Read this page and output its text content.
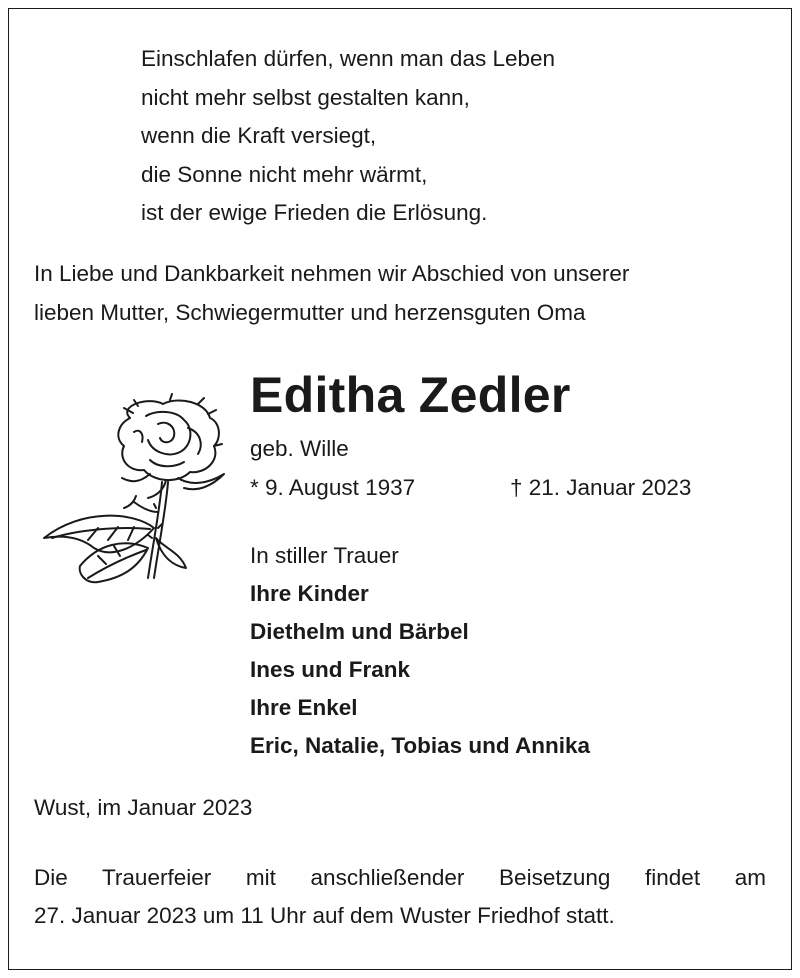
Einschlafen dürfen, wenn man das Leben
nicht mehr selbst gestalten kann,
wenn die Kraft versiegt,
die Sonne nicht mehr wärmt,
ist der ewige Frieden die Erlösung.
In Liebe und Dankbarkeit nehmen wir Abschied von unserer
lieben Mutter, Schwiegermutter und herzensguten Oma
Editha Zedler
geb. Wille
* 9. August 1937	† 21. Januar 2023
In stiller Trauer
Ihre Kinder
Diethelm und Bärbel
Ines und Frank
Ihre Enkel
Eric, Natalie, Tobias und Annika
Wust, im Januar 2023
Die Trauerfeier mit anschließender Beisetzung findet am
27. Januar 2023 um 11 Uhr auf dem Wuster Friedhof statt.
